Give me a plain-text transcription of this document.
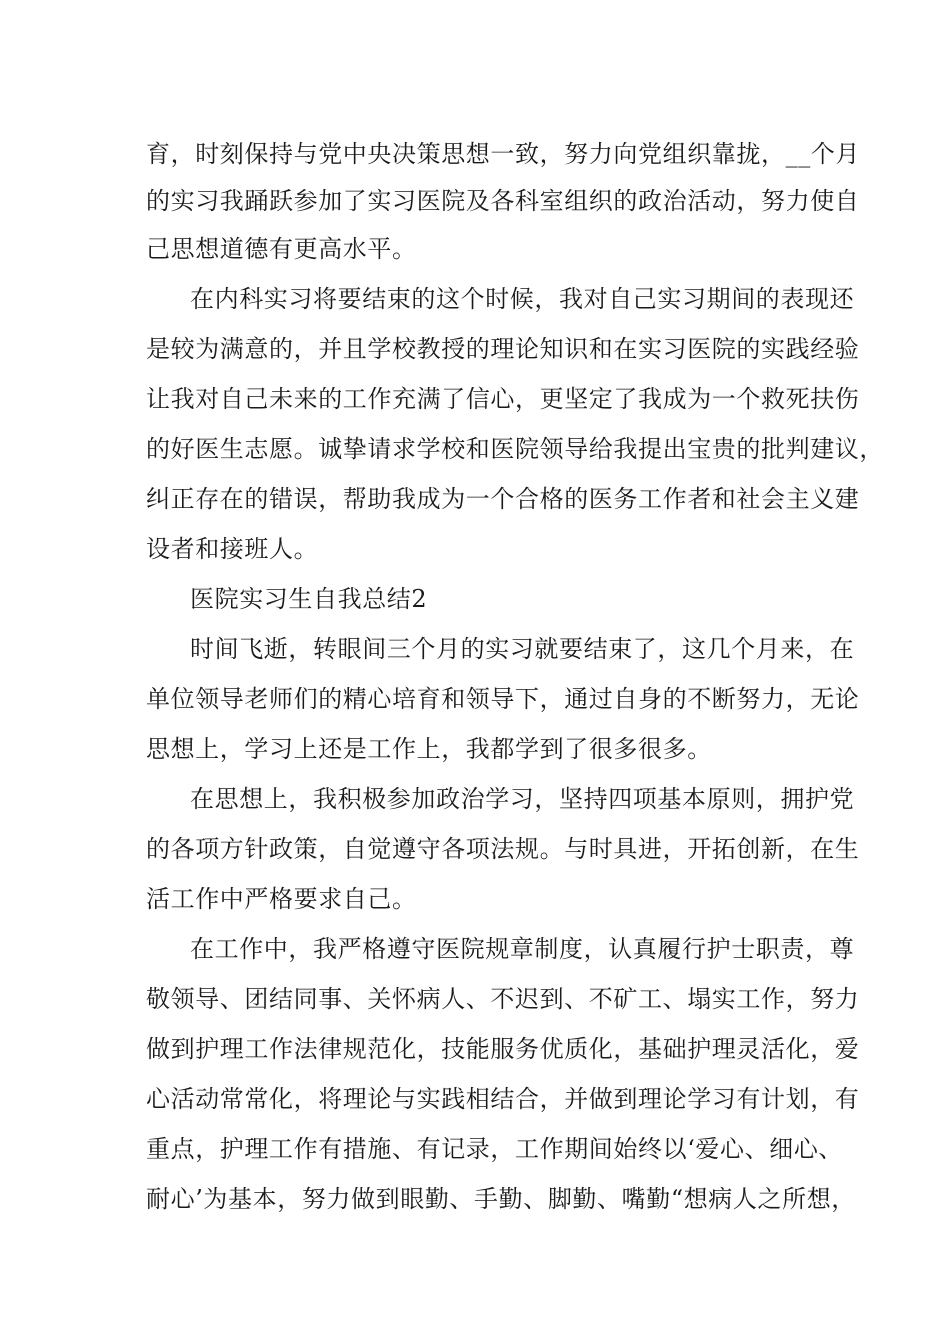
育，时刻保持与党中央决策思想一致，努力向党组织靠拢，__个月
的实习我踊跃参加了实习医院及各科室组织的政治活动，努力使自
己思想道德有更高水平。
在内科实习将要结束的这个时候，我对自己实习期间的表现还
是较为满意的，并且学校教授的理论知识和在实习医院的实践经验
让我对自己未来的工作充满了信心，更坚定了我成为一个救死扶伤
的好医生志愿。诚挚请求学校和医院领导给我提出宝贵的批判建议，
纠正存在的错误，帮助我成为一个合格的医务工作者和社会主义建
设者和接班人。
医院实习生自我总结2
时间飞逝，转眼间三个月的实习就要结束了，这几个月来，在
单位领导老师们的精心培育和领导下，通过自身的不断努力，无论
思想上，学习上还是工作上，我都学到了很多很多。
在思想上，我积极参加政治学习，坚持四项基本原则，拥护党
的各项方针政策，自觉遵守各项法规。与时具进，开拓创新，在生
活工作中严格要求自己。
在工作中，我严格遵守医院规章制度，认真履行护士职责，尊
敬领导、团结同事、关怀病人、不迟到、不矿工、塌实工作，努力
做到护理工作法律规范化，技能服务优质化，基础护理灵活化，爱
心活动常常化，将理论与实践相结合，并做到理论学习有计划，有
重点，护理工作有措施、有记录，工作期间始终以‘爱心、细心、
耐心’为基本，努力做到眼勤、手勤、脚勤、嘴勤“想病人之所想，
